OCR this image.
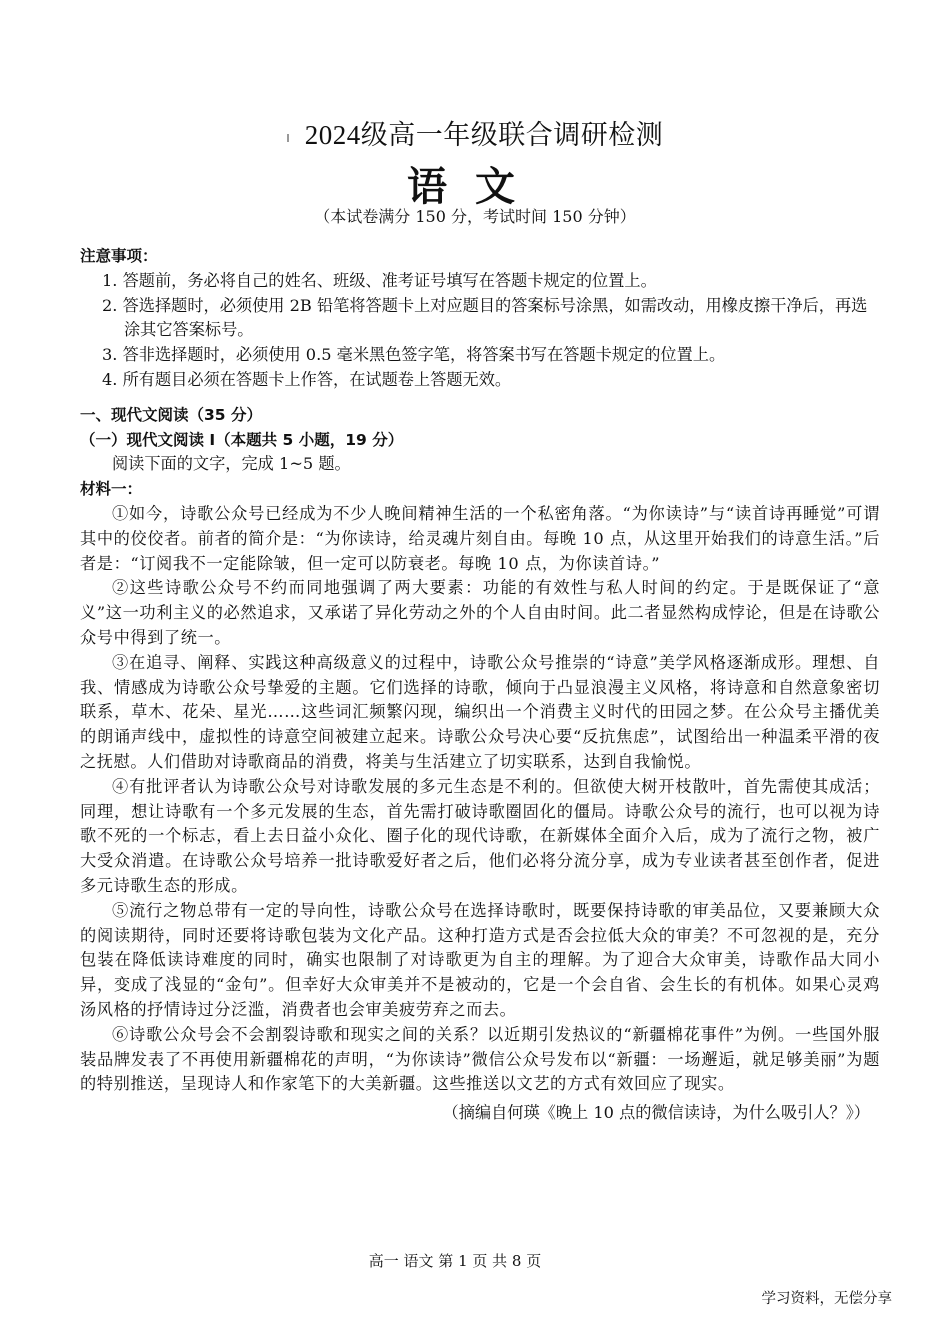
2024级高一年级联合调研检测
语文
（本试卷满分 150 分，考试时间 150 分钟）
注意事项：
1. 答题前，务必将自己的姓名、班级、准考证号填写在答题卡规定的位置上。
2. 答选择题时，必须使用 2B 铅笔将答题卡上对应题目的答案标号涂黑，如需改动，用橡皮擦干净后，再选涂其它答案标号。
3. 答非选择题时，必须使用 0.5 毫米黑色签字笔，将答案书写在答题卡规定的位置上。
4. 所有题目必须在答题卡上作答，在试题卷上答题无效。
一、现代文阅读（35 分）
（一）现代文阅读 I（本题共 5 小题，19 分）
阅读下面的文字，完成 1~5 题。
材料一：
①如今，诗歌公众号已经成为不少人晚间精神生活的一个私密角落。“为你读诗”与“读首诗再睡觉”可谓其中的佼佼者。前者的简介是：“为你读诗，给灵魂片刻自由。每晚 10 点，从这里开始我们的诗意生活。”后者是：“订阅我不一定能除皱，但一定可以防衰老。每晚 10 点，为你读首诗。”
②这些诗歌公众号不约而同地强调了两大要素：功能的有效性与私人时间的约定。于是既保证了“意义”这一功利主义的必然追求，又承诺了异化劳动之外的个人自由时间。此二者显然构成悖论，但是在诗歌公众号中得到了统一。
③在追寻、阐释、实践这种高级意义的过程中，诗歌公众号推崇的“诗意”美学风格逐渐成形。理想、自我、情感成为诗歌公众号挚爱的主题。它们选择的诗歌，倾向于凸显浪漫主义风格，将诗意和自然意象密切联系，草木、花朵、星光……这些词汇频繁闪现，编织出一个消费主义时代的田园之梦。在公众号主播优美的朗诵声线中，虚拟性的诗意空间被建立起来。诗歌公众号决心要“反抗焦虑”，试图给出一种温柔平滑的夜之抚慰。人们借助对诗歌商品的消费，将美与生活建立了切实联系，达到自我愉悦。
④有批评者认为诗歌公众号对诗歌发展的多元生态是不利的。但欲使大树开枝散叶，首先需使其成活；同理，想让诗歌有一个多元发展的生态，首先需打破诗歌圈固化的僵局。诗歌公众号的流行，也可以视为诗歌不死的一个标志，看上去日益小众化、圈子化的现代诗歌，在新媒体全面介入后，成为了流行之物，被广大受众消遣。在诗歌公众号培养一批诗歌爱好者之后，他们必将分流分享，成为专业读者甚至创作者，促进多元诗歌生态的形成。
⑤流行之物总带有一定的导向性，诗歌公众号在选择诗歌时，既要保持诗歌的审美品位，又要兼顾大众的阅读期待，同时还要将诗歌包装为文化产品。这种打造方式是否会拉低大众的审美？不可忽视的是，充分包装在降低读诗难度的同时，确实也限制了对诗歌更为自主的理解。为了迎合大众审美，诗歌作品大同小异，变成了浅显的“金句”。但幸好大众审美并不是被动的，它是一个会自省、会生长的有机体。如果心灵鸡汤风格的抒情诗过分泛滥，消费者也会审美疲劳弃之而去。
⑥诗歌公众号会不会割裂诗歌和现实之间的关系？以近期引发热议的“新疆棉花事件”为例。一些国外服装品牌发表了不再使用新疆棉花的声明，“为你读诗”微信公众号发布以“新疆：一场邂逅，就足够美丽”为题的特别推送，呈现诗人和作家笔下的大美新疆。这些推送以文艺的方式有效回应了现实。
（摘编自何瑛《晚上 10 点的微信读诗，为什么吸引人？》）
高一 语文 第 1 页 共 8 页
学习资料，无偿分享
